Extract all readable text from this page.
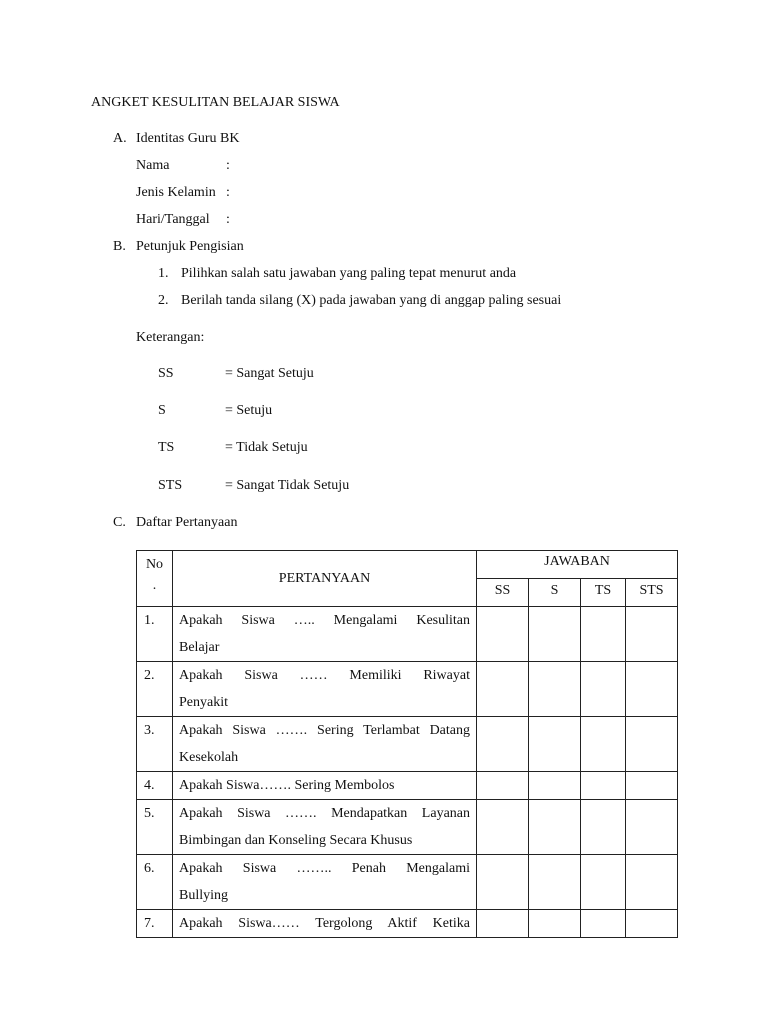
ANGKET KESULITAN BELAJAR SISWA
A. Identitas Guru BK
Nama	:
Jenis Kelamin :
Hari/Tanggal :
B. Petunjuk Pengisian
1. Pilihkan salah satu jawaban yang paling tepat menurut anda
2. Berilah tanda silang (X) pada jawaban yang di anggap paling sesuai
Keterangan:
SS	= Sangat Setuju
S	= Setuju
TS	= Tidak Setuju
STS	= Sangat Tidak Setuju
C. Daftar Pertanyaan
No
.	PERTANYAAN	JAWABAN			
		SS	S	TS	STS
1.	Apakah Siswa ….. Mengalami Kesulitan
Belajar				

2.	Apakah Siswa …… Memiliki Riwayat
Penyakit				

3.	Apakah Siswa ……. Sering Terlambat Datang
Kesekolah				

4.	Apakah Siswa……. Sering Membolos				

5.	Apakah Siswa ……. Mendapatkan Layanan
Bimbingan dan Konseling Secara Khusus				

6.	Apakah Siswa …….. Penah Mengalami
Bullying				

7.	Apakah Siswa…… Tergolong Aktif Ketika				
